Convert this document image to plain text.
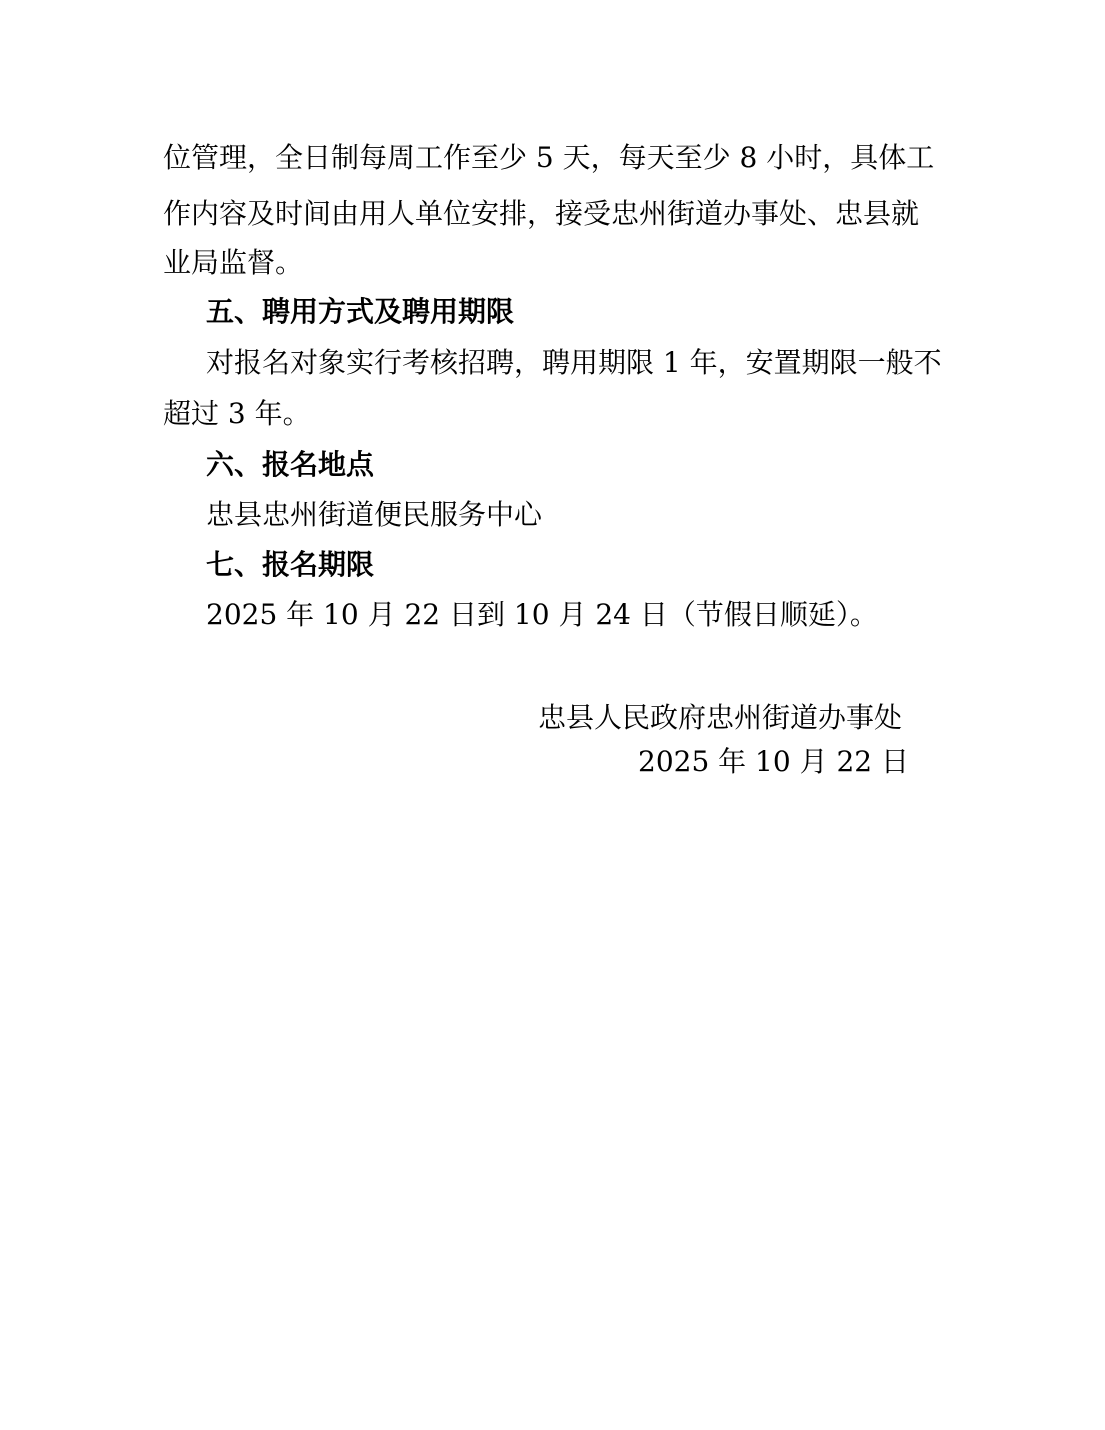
位管理，全日制每周工作至少 5 天，每天至少 8 小时，具体工
作内容及时间由用人单位安排，接受忠州街道办事处、忠县就
业局监督。
五、聘用方式及聘用期限
对报名对象实行考核招聘，聘用期限 1 年，安置期限一般不
超过 3 年。
六、报名地点
忠县忠州街道便民服务中心
七、报名期限
2025 年 10 月 22 日到 10 月 24 日（节假日顺延）。
忠县人民政府忠州街道办事处
2025 年 10 月 22 日
